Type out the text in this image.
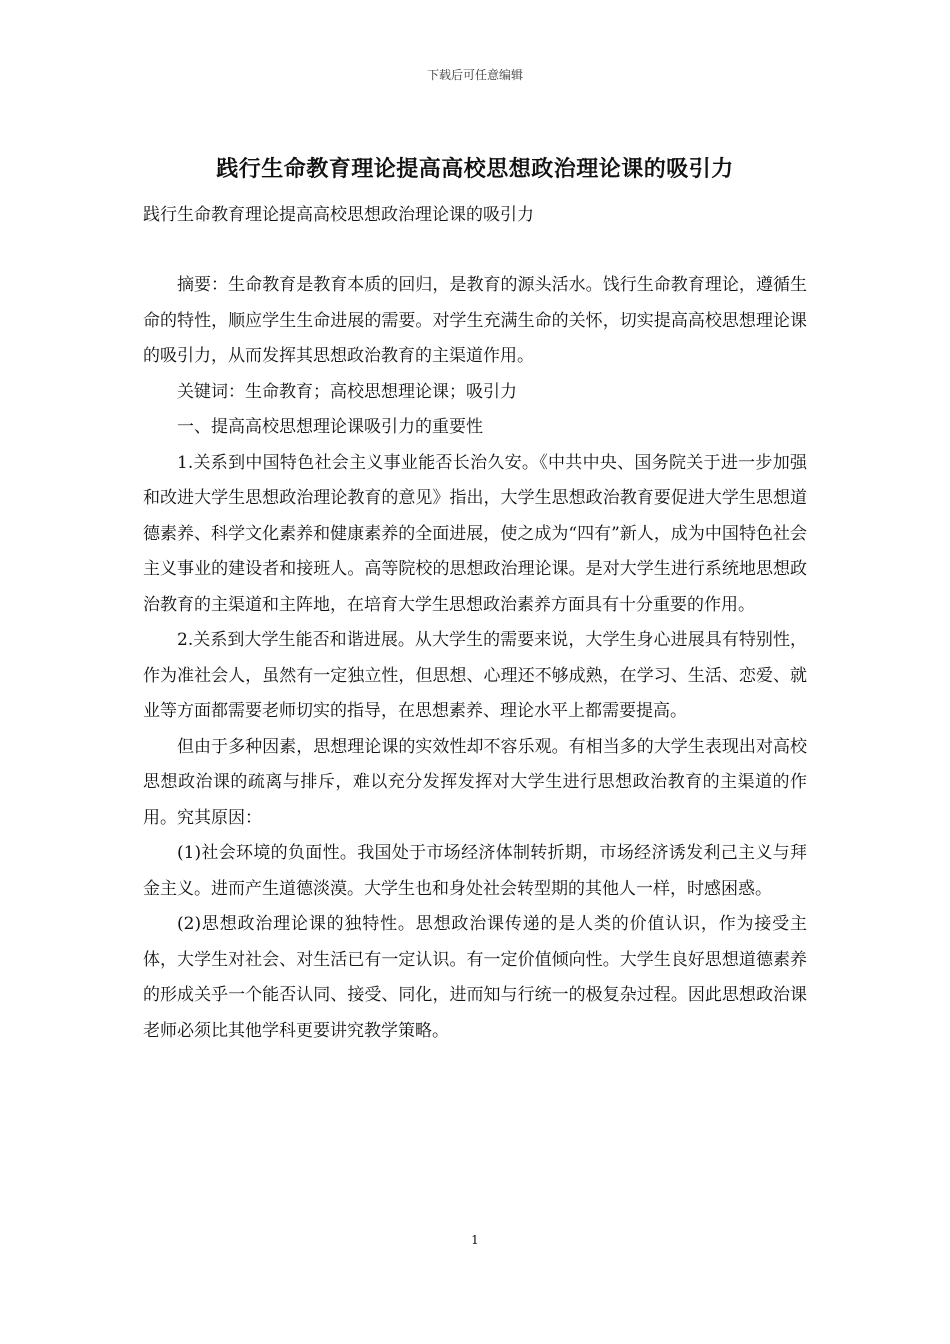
下载后可任意编辑
践行生命教育理论提高高校思想政治理论课的吸引力
践行生命教育理论提高高校思想政治理论课的吸引力

摘要：生命教育是教育本质的回归，是教育的源头活水。饯行生命教育理论，遵循生命的特性，顺应学生生命进展的需要。对学生充满生命的关怀，切实提高高校思想理论课的吸引力，从而发挥其思想政治教育的主渠道作用。

关键词：生命教育；高校思想理论课；吸引力

一、提高高校思想理论课吸引力的重要性

1.关系到中国特色社会主义事业能否长治久安。《中共中央、国务院关于进一步加强和改进大学生思想政治理论教育的意见》指出，大学生思想政治教育要促进大学生思想道德素养、科学文化素养和健康素养的全面进展，使之成为“四有”新人，成为中国特色社会主义事业的建设者和接班人。高等院校的思想政治理论课。是对大学生进行系统地思想政治教育的主渠道和主阵地，在培育大学生思想政治素养方面具有十分重要的作用。

2.关系到大学生能否和谐进展。从大学生的需要来说，大学生身心进展具有特别性，作为准社会人，虽然有一定独立性，但思想、心理还不够成熟，在学习、生活、恋爱、就业等方面都需要老师切实的指导，在思想素养、理论水平上都需要提高。

但由于多种因素，思想理论课的实效性却不容乐观。有相当多的大学生表现出对高校思想政治课的疏离与排斥，难以充分发挥发挥对大学生进行思想政治教育的主渠道的作用。究其原因：

(1)社会环境的负面性。我国处于市场经济体制转折期，市场经济诱发利己主义与拜金主义。进而产生道德淡漠。大学生也和身处社会转型期的其他人一样，时感困惑。

(2)思想政治理论课的独特性。思想政治课传递的是人类的价值认识，作为接受主体，大学生对社会、对生活已有一定认识。有一定价值倾向性。大学生良好思想道德素养的形成关乎一个能否认同、接受、同化，进而知与行统一的极复杂过程。因此思想政治课老师必须比其他学科更要讲究教学策略。

1
